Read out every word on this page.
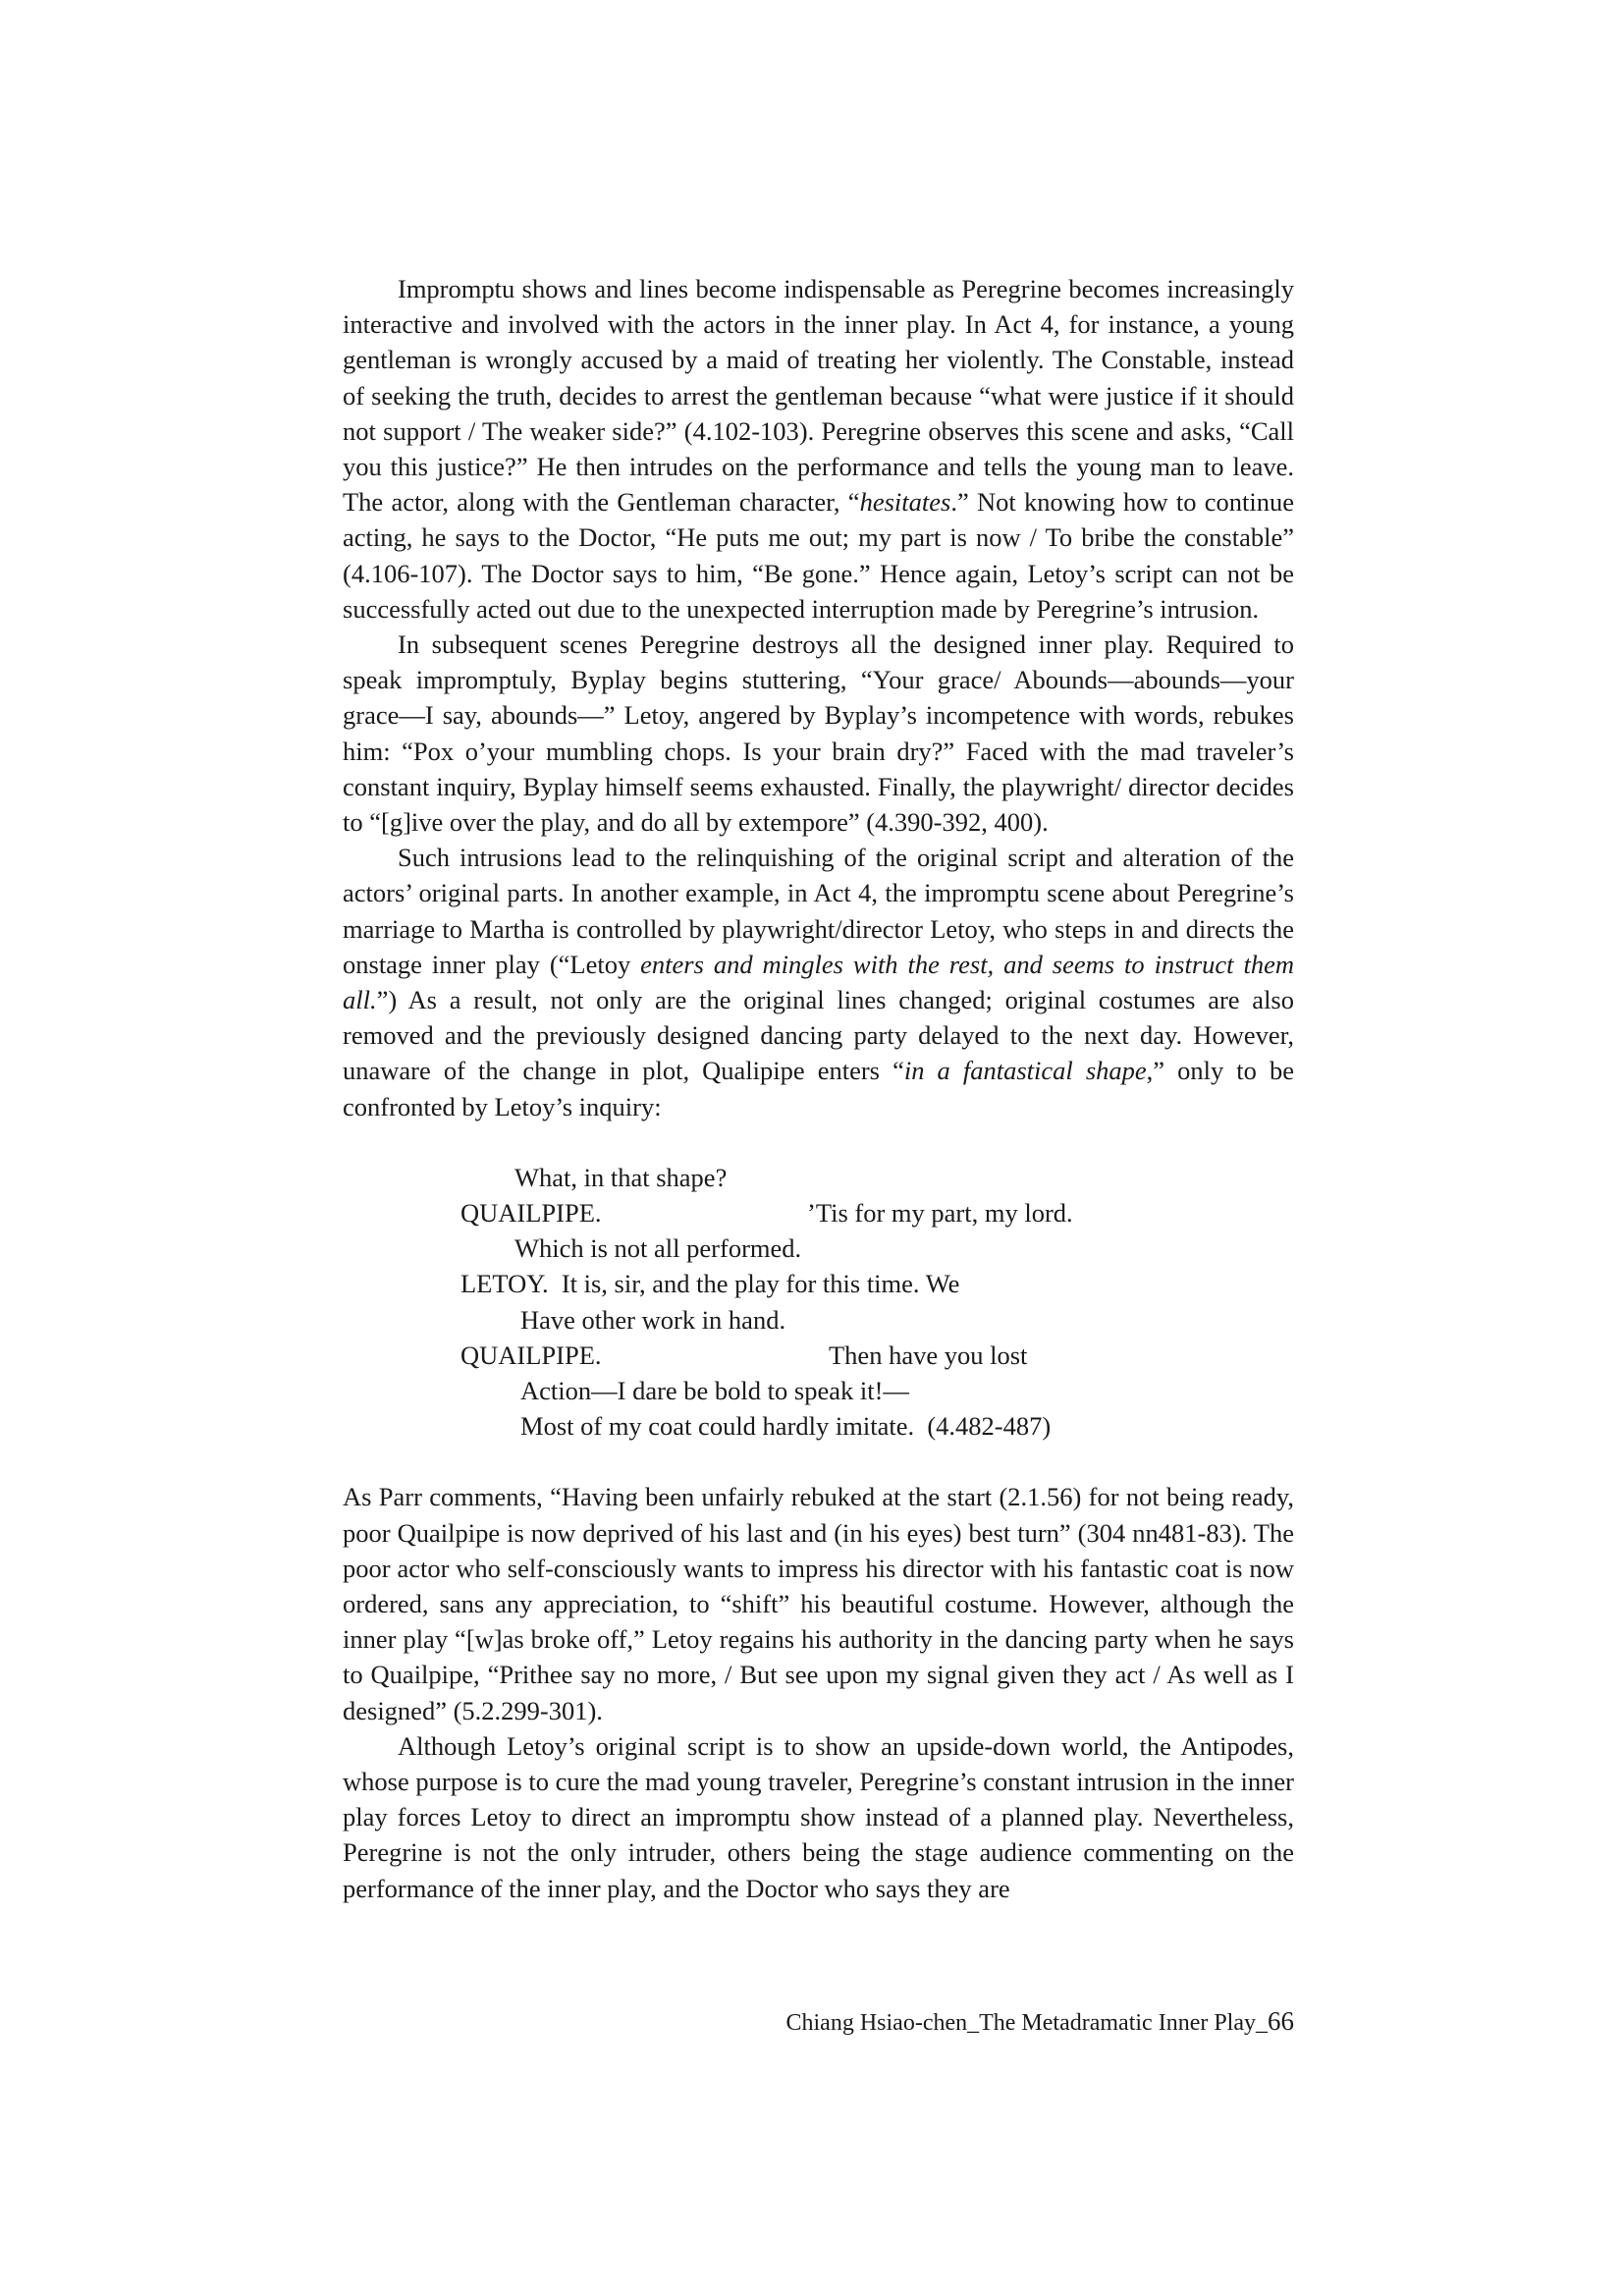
Impromptu shows and lines become indispensable as Peregrine becomes increasingly interactive and involved with the actors in the inner play. In Act 4, for instance, a young gentleman is wrongly accused by a maid of treating her violently. The Constable, instead of seeking the truth, decides to arrest the gentleman because “what were justice if it should not support / The weaker side?” (4.102-103). Peregrine observes this scene and asks, “Call you this justice?” He then intrudes on the performance and tells the young man to leave. The actor, along with the Gentleman character, “hesitates.” Not knowing how to continue acting, he says to the Doctor, “He puts me out; my part is now / To bribe the constable” (4.106-107). The Doctor says to him, “Be gone.” Hence again, Letoy’s script can not be successfully acted out due to the unexpected interruption made by Peregrine’s intrusion.

In subsequent scenes Peregrine destroys all the designed inner play. Required to speak impromptuly, Byplay begins stuttering, “Your grace/ Abounds—abounds—your grace—I say, abounds—” Letoy, angered by Byplay’s incompetence with words, rebukes him: “Pox o’your mumbling chops. Is your brain dry?” Faced with the mad traveler’s constant inquiry, Byplay himself seems exhausted. Finally, the playwright/ director decides to “[g]ive over the play, and do all by extempore” (4.390-392, 400).

Such intrusions lead to the relinquishing of the original script and alteration of the actors’ original parts. In another example, in Act 4, the impromptu scene about Peregrine’s marriage to Martha is controlled by playwright/director Letoy, who steps in and directs the onstage inner play (“Letoy enters and mingles with the rest, and seems to instruct them all.”) As a result, not only are the original lines changed; original costumes are also removed and the previously designed dancing party delayed to the next day. However, unaware of the change in plot, Qualipipe enters “in a fantastical shape,” only to be confronted by Letoy’s inquiry:

What, in that shape?
QUAILPIPE.	’Tis for my part, my lord.
Which is not all performed.
LETOY.  It is, sir, and the play for this time. We
Have other work in hand.
QUAILPIPE.	Then have you lost
Action—I dare be bold to speak it!—
Most of my coat could hardly imitate.  (4.482-487)

As Parr comments, “Having been unfairly rebuked at the start (2.1.56) for not being ready, poor Quailpipe is now deprived of his last and (in his eyes) best turn” (304 nn481-83). The poor actor who self-consciously wants to impress his director with his fantastic coat is now ordered, sans any appreciation, to “shift” his beautiful costume. However, although the inner play “[w]as broke off,” Letoy regains his authority in the dancing party when he says to Quailpipe, “Prithee say no more, / But see upon my signal given they act / As well as I designed” (5.2.299-301).

Although Letoy’s original script is to show an upside-down world, the Antipodes, whose purpose is to cure the mad young traveler, Peregrine’s constant intrusion in the inner play forces Letoy to direct an impromptu show instead of a planned play. Nevertheless, Peregrine is not the only intruder, others being the stage audience commenting on the performance of the inner play, and the Doctor who says they are

Chiang Hsiao-chen_The Metadramatic Inner Play_66
